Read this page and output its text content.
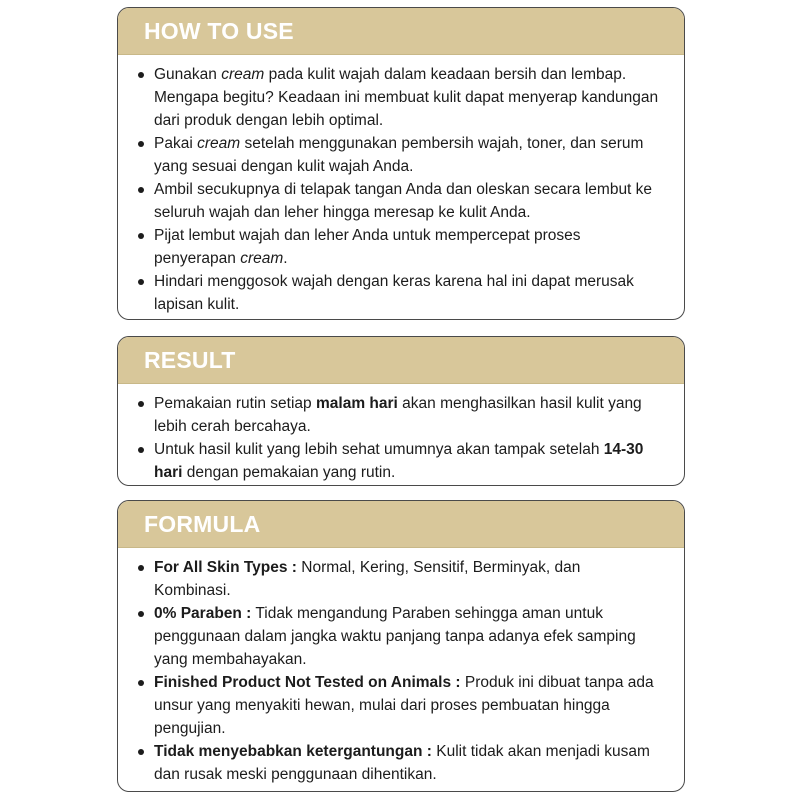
HOW TO USE
Gunakan cream pada kulit wajah dalam keadaan bersih dan lembap. Mengapa begitu? Keadaan ini membuat kulit dapat menyerap kandungan dari produk dengan lebih optimal.
Pakai cream setelah menggunakan pembersih wajah, toner, dan serum yang sesuai dengan kulit wajah Anda.
Ambil secukupnya di telapak tangan Anda dan oleskan secara lembut ke seluruh wajah dan leher hingga meresap ke kulit Anda.
Pijat lembut wajah dan leher Anda untuk mempercepat proses penyerapan cream.
Hindari menggosok wajah dengan keras karena hal ini dapat merusak lapisan kulit.
RESULT
Pemakaian rutin setiap malam hari akan menghasilkan hasil kulit yang lebih cerah bercahaya.
Untuk hasil kulit yang lebih sehat umumnya akan tampak setelah 14-30 hari dengan pemakaian yang rutin.
FORMULA
For All Skin Types : Normal, Kering, Sensitif, Berminyak, dan Kombinasi.
0% Paraben : Tidak mengandung Paraben sehingga aman untuk penggunaan dalam jangka waktu panjang tanpa adanya efek samping yang membahayakan.
Finished Product Not Tested on Animals : Produk ini dibuat tanpa ada unsur yang menyakiti hewan, mulai dari proses pembuatan hingga pengujian.
Tidak menyebabkan ketergantungan : Kulit tidak akan menjadi kusam dan rusak meski penggunaan dihentikan.
